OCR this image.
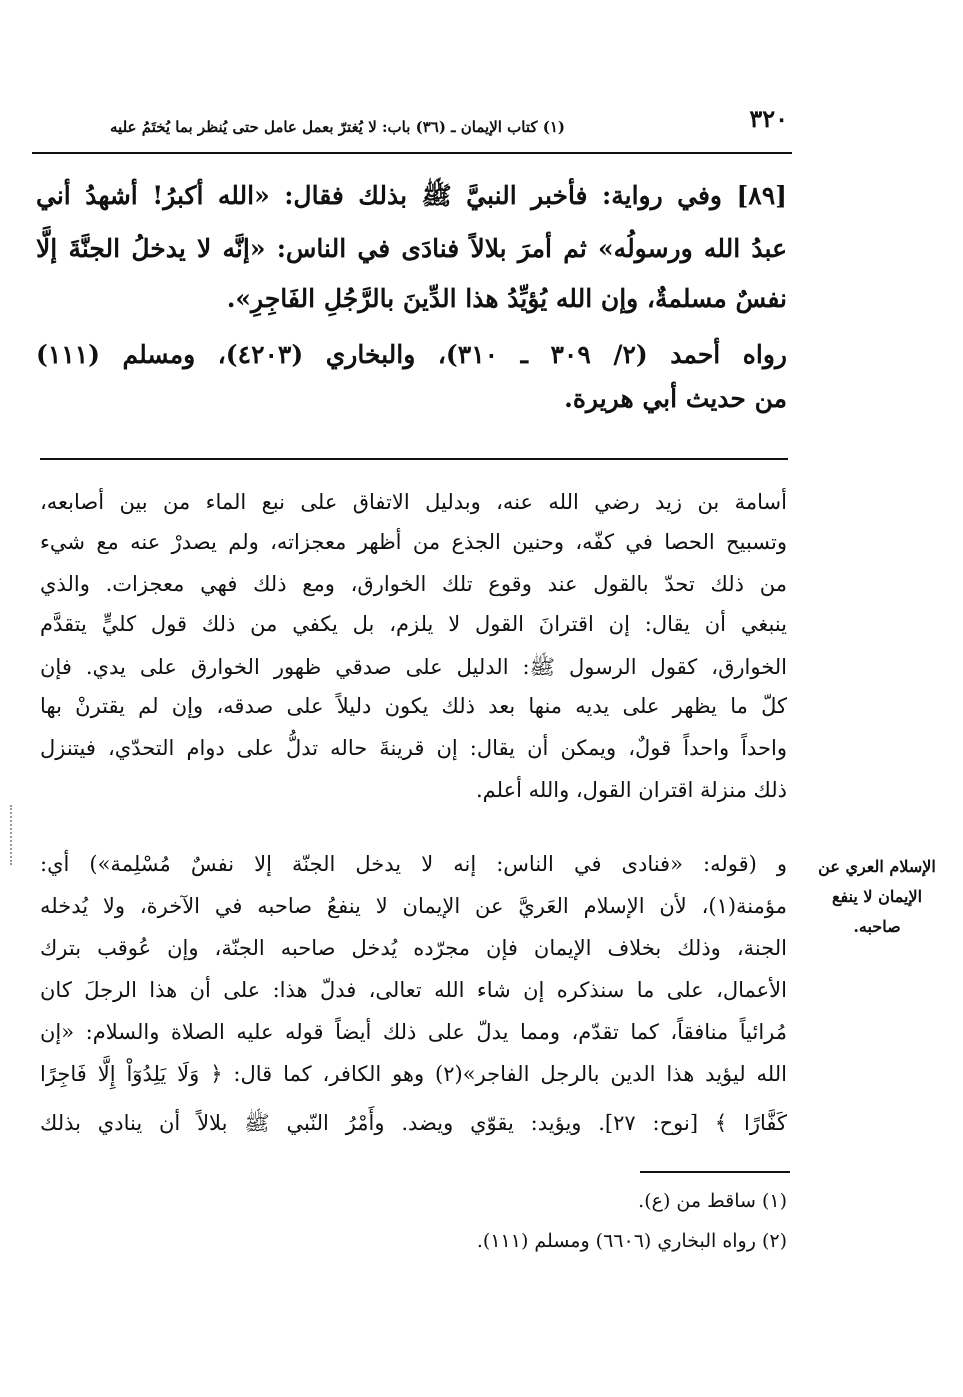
٣٢٠
(١) كتاب الإيمان ـ (٣٦) باب: لا يُغترّ بعمل عامل حتى يُنظر بما يُختَمُ عليه
[٨٩] وفي رواية: فأخبر النبيَّ ﷺ بذلك فقال: «الله أكبرُ! أشهدُ أني
عبدُ الله ورسولُه» ثم أمرَ بلالاً فنادَى في الناس: «إنَّه لا يدخلُ الجنَّةَ إلَّا
نفسٌ مسلمةٌ، وإن الله يُؤيِّدُ هذا الدِّينَ بالرَّجُلِ الفَاجِرِ».
رواه أحمد (٢/ ٣٠٩ ـ ٣١٠)، والبخاري (٤٢٠٣)، ومسلم (١١١)
من حديث أبي هريرة.
أسامة بن زيد رضي الله عنه، وبدليل الاتفاق على نبع الماء من بين أصابعه،
وتسبيح الحصا في كفّه، وحنين الجذع من أظهر معجزاته، ولم يصدرْ عنه مع شيء
من ذلك تحدّ بالقول عند وقوع تلك الخوارق، ومع ذلك فهي معجزات. والذي
ينبغي أن يقال: إن اقترانَ القول لا يلزم، بل يكفي من ذلك قول كليٍّ يتقدَّم
الخوارق، كقول الرسول ﷺ: الدليل على صدقي ظهور الخوارق على يدي. فإن
كلّ ما يظهر على يديه منها بعد ذلك يكون دليلاً على صدقه، وإن لم يقترنْ بها
واحداً واحداً قولٌ، ويمكن أن يقال: إن قرينةَ حاله تدلُّ على دوام التحدّي، فيتنزل
ذلك منزلة اقتران القول، والله أعلم.
الإسلام العري عن الإيمان لا ينفع صاحبه.
و (قوله: «فنادى في الناس: إنه لا يدخل الجنّة إلا نفسٌ مُسْلِمة») أي:
مؤمنة(١)، لأن الإسلام العَريَّ عن الإيمان لا ينفعُ صاحبه في الآخرة، ولا يُدخله
الجنة، وذلك بخلاف الإيمان فإن مجرّده يُدخل صاحبه الجنّة، وإن عُوقب بترك
الأعمال، على ما سنذكره إن شاء الله تعالى، فدلّ هذا: على أن هذا الرجلَ كان
مُرائياً منافقاً، كما تقدّم، ومما يدلّ على ذلك أيضاً قوله عليه الصلاة والسلام: «إن
الله ليؤيد هذا الدين بالرجل الفاجر»(٢) وهو الكافر، كما قال: ﴿ وَلَا يَلِدُوٓاْ إِلَّا فَاجِرًا
كَفَّارًا ﴾ [نوح: ٢٧]. ويؤيد: يقوّي ويضد. وأَمْرُ النّبي ﷺ بلالاً أن ينادي بذلك
(١) ساقط من (ع).
(٢) رواه البخاري (٦٦٠٦) ومسلم (١١١).
